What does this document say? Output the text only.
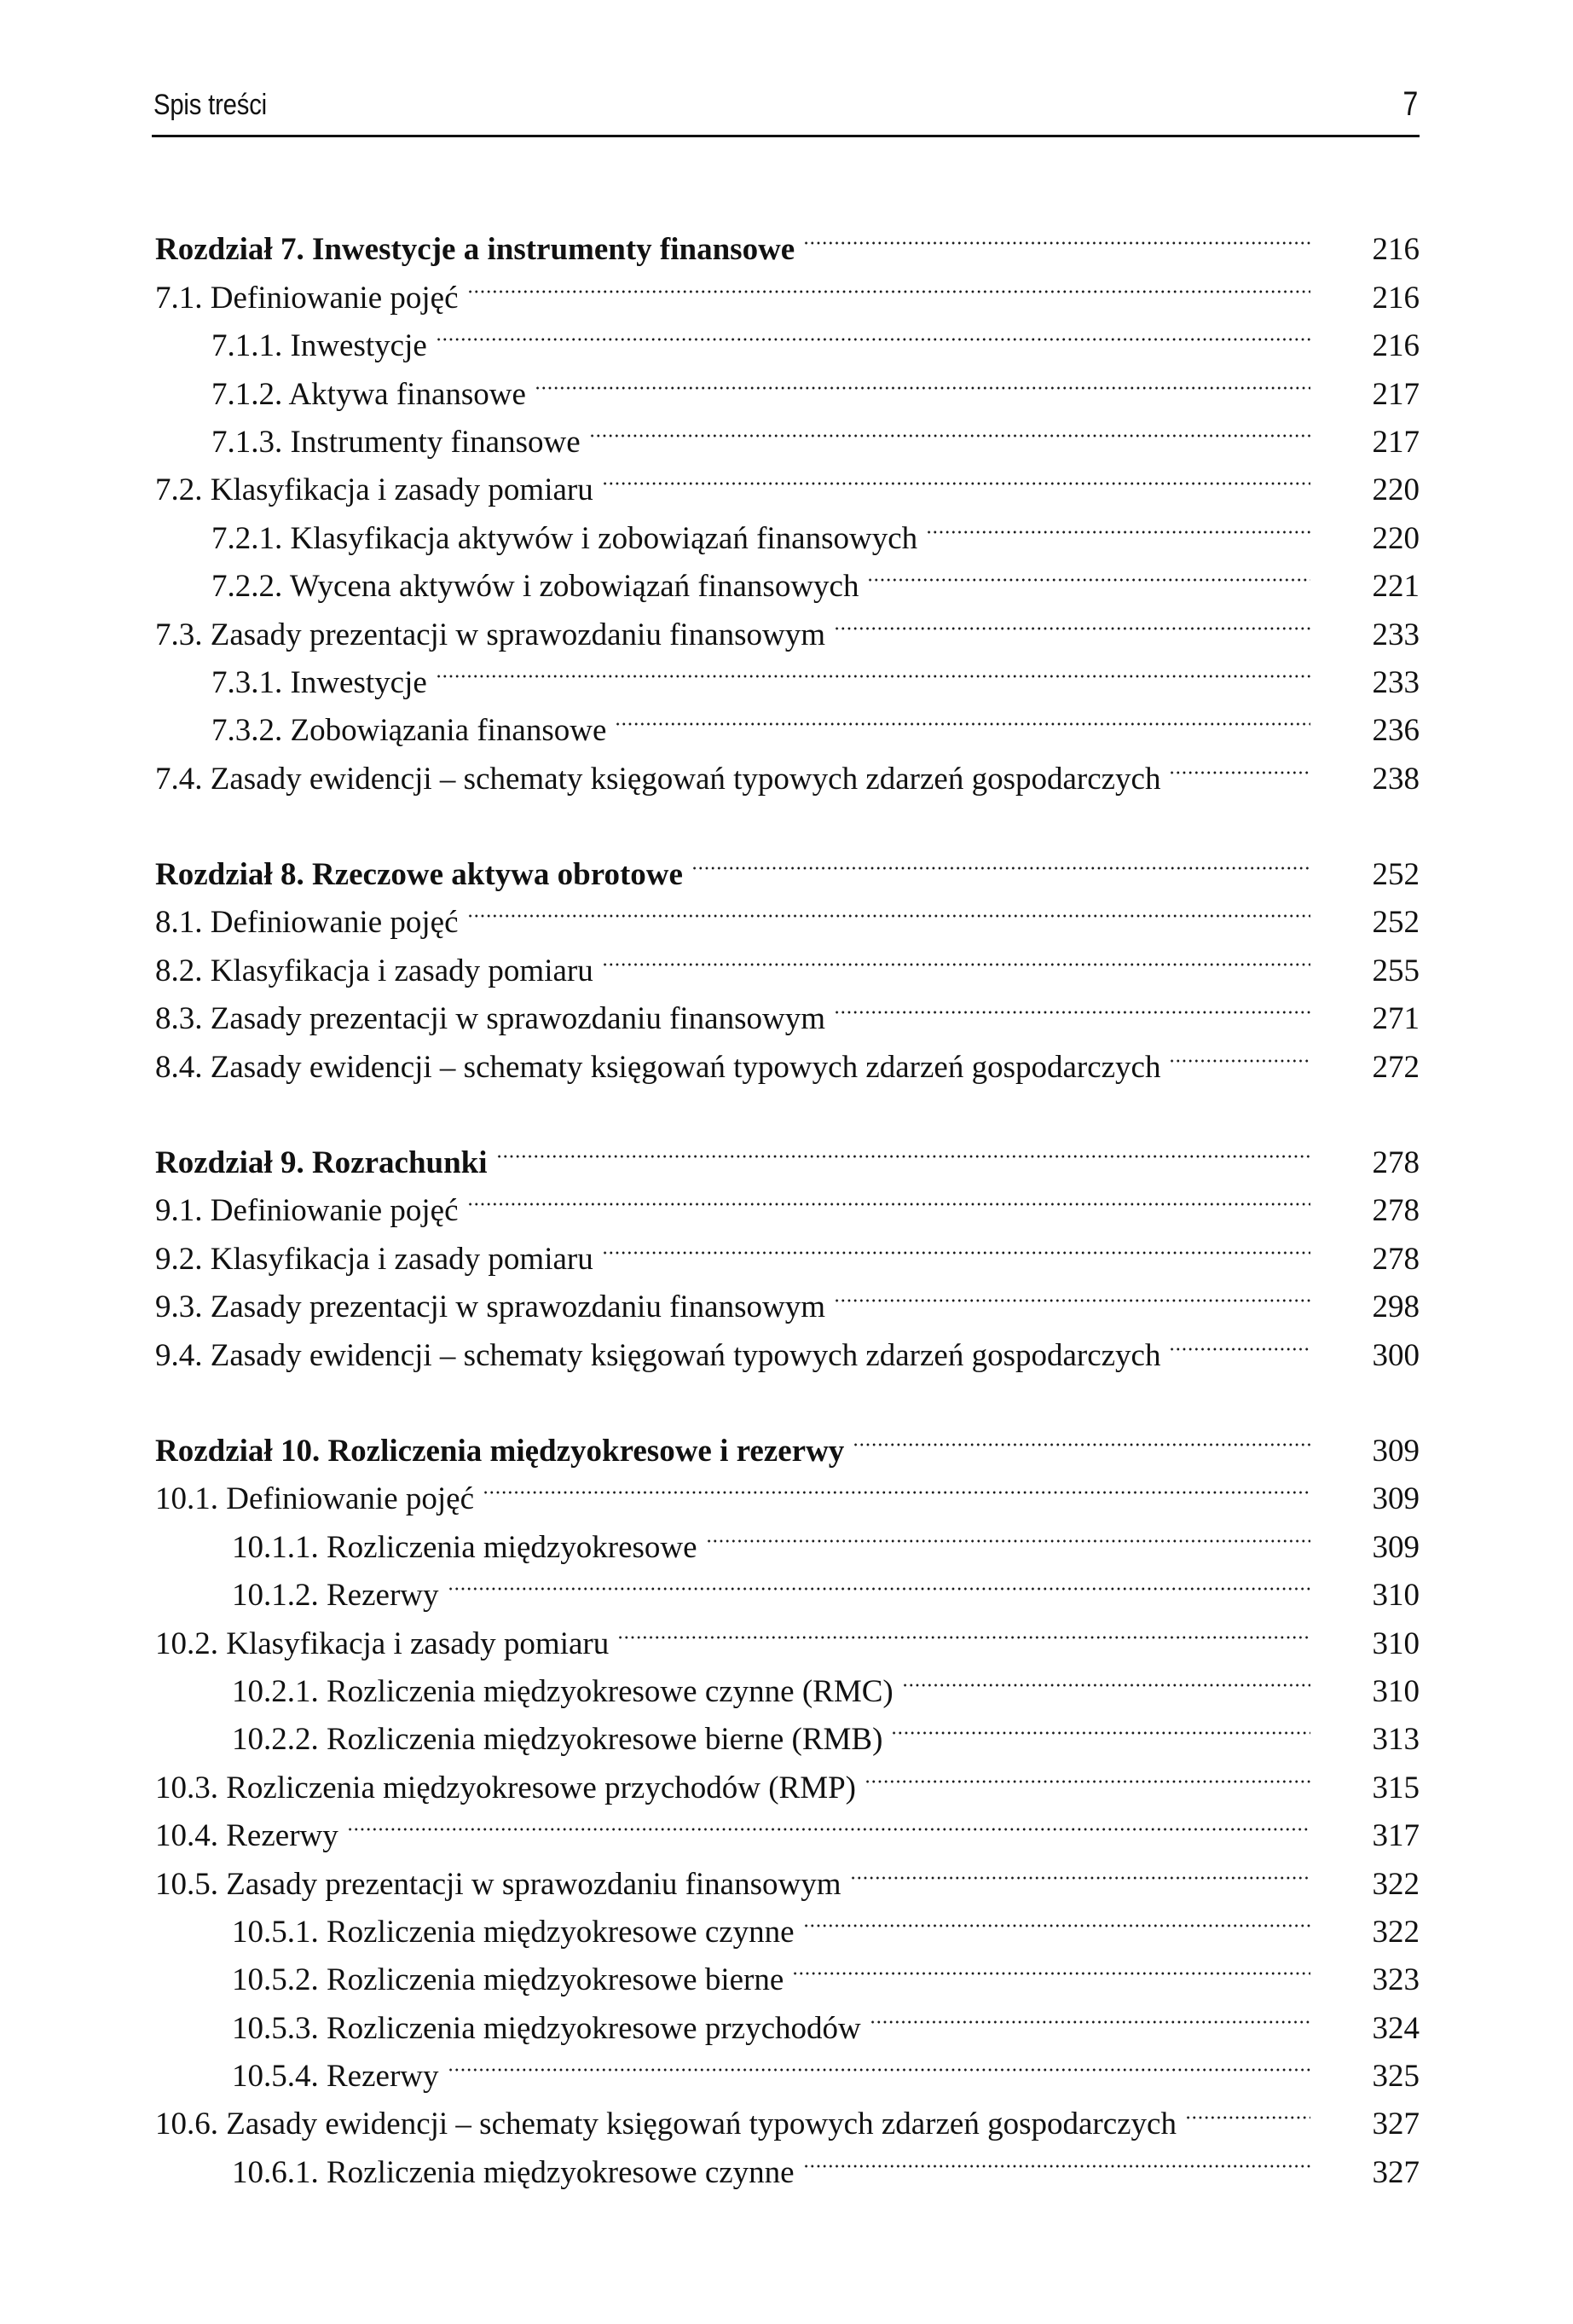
Spis treści	7
Rozdział 7. Inwestycje a instrumenty finansowe	216
7.1. Definiowanie pojęć	216
7.1.1. Inwestycje	216
7.1.2. Aktywa finansowe	217
7.1.3. Instrumenty finansowe	217
7.2. Klasyfikacja i zasady pomiaru	220
7.2.1. Klasyfikacja aktywów i zobowiązań finansowych	220
7.2.2. Wycena aktywów i zobowiązań finansowych	221
7.3. Zasady prezentacji w sprawozdaniu finansowym	233
7.3.1. Inwestycje	233
7.3.2. Zobowiązania finansowe	236
7.4. Zasady ewidencji – schematy księgowań typowych zdarzeń gospodarczych	238
Rozdział 8. Rzeczowe aktywa obrotowe	252
8.1. Definiowanie pojęć	252
8.2. Klasyfikacja i zasady pomiaru	255
8.3. Zasady prezentacji w sprawozdaniu finansowym	271
8.4. Zasady ewidencji – schematy księgowań typowych zdarzeń gospodarczych	272
Rozdział 9. Rozrachunki	278
9.1. Definiowanie pojęć	278
9.2. Klasyfikacja i zasady pomiaru	278
9.3. Zasady prezentacji w sprawozdaniu finansowym	298
9.4. Zasady ewidencji – schematy księgowań typowych zdarzeń gospodarczych	300
Rozdział 10. Rozliczenia międzyokresowe i rezerwy	309
10.1. Definiowanie pojęć	309
10.1.1. Rozliczenia międzyokresowe	309
10.1.2. Rezerwy	310
10.2. Klasyfikacja i zasady pomiaru	310
10.2.1. Rozliczenia międzyokresowe czynne (RMC)	310
10.2.2. Rozliczenia międzyokresowe bierne (RMB)	313
10.3. Rozliczenia międzyokresowe przychodów (RMP)	315
10.4. Rezerwy	317
10.5. Zasady prezentacji w sprawozdaniu finansowym	322
10.5.1. Rozliczenia międzyokresowe czynne	322
10.5.2. Rozliczenia międzyokresowe bierne	323
10.5.3. Rozliczenia międzyokresowe przychodów	324
10.5.4. Rezerwy	325
10.6. Zasady ewidencji – schematy księgowań typowych zdarzeń gospodarczych	327
10.6.1. Rozliczenia międzyokresowe czynne	327
